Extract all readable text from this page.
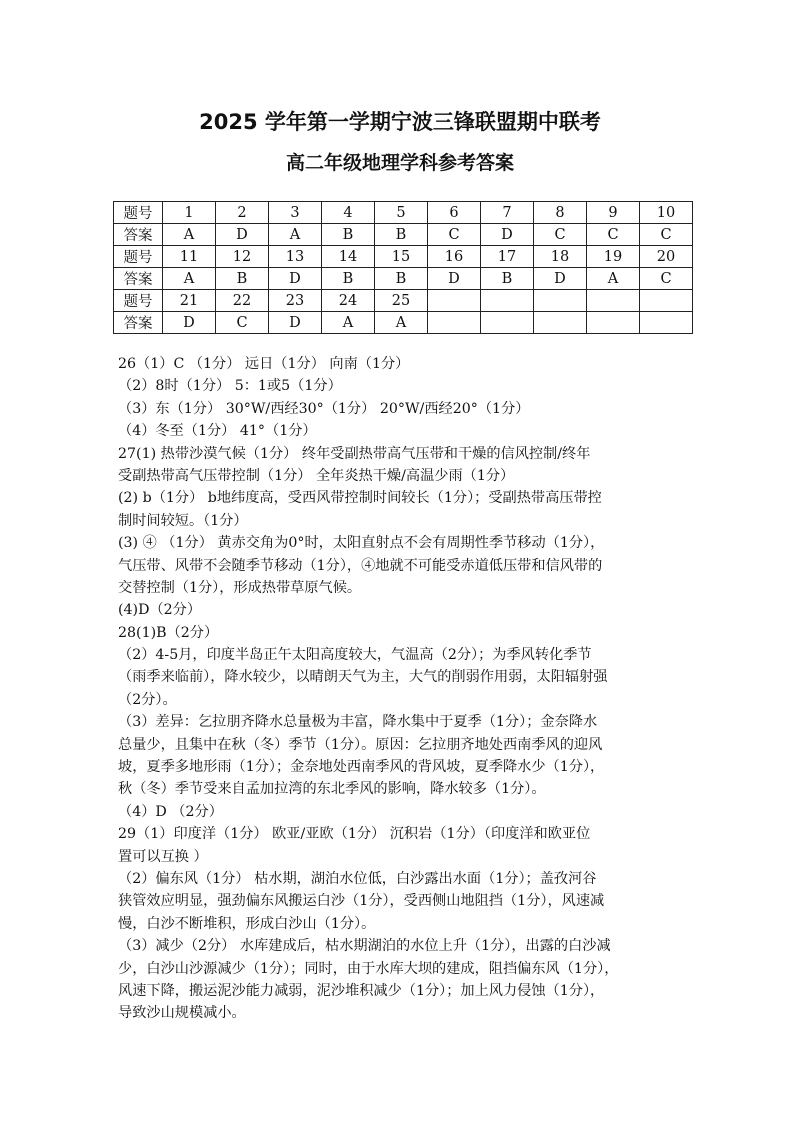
2025 学年第一学期宁波三锋联盟期中联考
高二年级地理学科参考答案
题号	1	2	3	4	5	6	7	8	9	10
答案	A	D	A	B	B	C	D	C	C	C
题号	11	12	13	14	15	16	17	18	19	20
答案	A	B	D	B	B	D	B	D	A	C
题号	21	22	23	24	25					
答案	D	C	D	A	A					
26（1）C （1分） 远日（1分） 向南（1分）
（2）8时（1分） 5：1或5（1分）
（3）东（1分） 30°W/西经30°（1分） 20°W/西经20°（1分）
（4）冬至（1分） 41°（1分）
27(1) 热带沙漠气候（1分） 终年受副热带高气压带和干燥的信风控制/终年
受副热带高气压带控制（1分） 全年炎热干燥/高温少雨（1分）
(2) b（1分） b地纬度高，受西风带控制时间较长（1分）；受副热带高压带控
制时间较短。（1分）
(3) ④ （1分） 黄赤交角为0°时，太阳直射点不会有周期性季节移动（1分），
气压带、风带不会随季节移动（1分），④地就不可能受赤道低压带和信风带的
交替控制（1分），形成热带草原气候。
(4)D（2分）
28(1)B（2分）
（2）4-5月，印度半岛正午太阳高度较大，气温高（2分）；为季风转化季节
（雨季来临前），降水较少，以晴朗天气为主，大气的削弱作用弱，太阳辐射强
（2分）。
（3）差异：乞拉朋齐降水总量极为丰富，降水集中于夏季（1分）；金奈降水
总量少，且集中在秋（冬）季节（1分）。原因：乞拉朋齐地处西南季风的迎风
坡，夏季多地形雨（1分）；金奈地处西南季风的背风坡，夏季降水少（1分），
秋（冬）季节受来自孟加拉湾的东北季风的影响，降水较多（1分）。
（4）D （2分）
29（1）印度洋（1分） 欧亚/亚欧（1分） 沉积岩（1分）（印度洋和欧亚位
置可以互换 ）
（2）偏东风（1分） 枯水期，湖泊水位低，白沙露出水面（1分）；盖孜河谷
狭管效应明显，强劲偏东风搬运白沙（1分），受西侧山地阻挡（1分），风速减
慢，白沙不断堆积，形成白沙山（1分）。
（3）减少（2分） 水库建成后，枯水期湖泊的水位上升（1分），出露的白沙减
少，白沙山沙源减少（1分）；同时，由于水库大坝的建成，阻挡偏东风（1分），
风速下降，搬运泥沙能力减弱，泥沙堆积减少（1分）；加上风力侵蚀（1分），
导致沙山规模减小。
